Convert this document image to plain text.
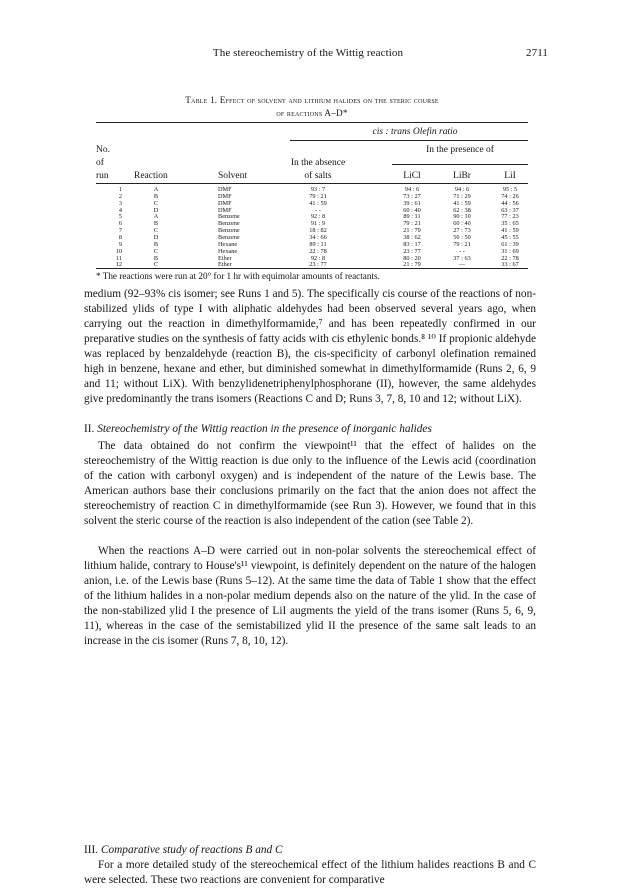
The stereochemistry of the Wittig reaction	2711
Table 1. Effect of solvent and lithium halides on the steric course
of reactions A–D*
cis : trans Olefin ratio
No.
of
run	Reaction	Solvent
In the absence
of salts
In the presence of
LiCl	LiBr	LiI
1	A	DMF	93 : 7	94 : 6	94 : 6	95 : 5
2	B	DMF	79 : 21	73 : 27	71 : 29	74 : 26
3	C	DMF	41 : 59	39 : 61	41 : 59	44 : 56
4	D	DMF	- -	60 : 40	62 : 38	63 : 37
5	A	Benzene	92 : 8	89 : 11	90 : 10	77 : 23
6	B	Benzene	91 : 9	79 : 21	60 : 40	35 : 65
7	C	Benzene	18 : 82	21 : 79	27 : 73	41 : 59
8	D	Benzene	34 : 66	38 : 62	50 : 50	45 : 55
9	B	Hexane	89 : 11	83 : 17	79 : 21	61 : 39
10	C	Hexane	22 : 78	23 : 77	- -	31 : 69
11	B	Ether	92 : 8	80 : 20	37 : 63	22 : 78
12	C	Ether	23 : 77	21 : 79	—	33 : 67
* The reactions were run at 20° for 1 hr with equimolar amounts of reactants.

medium (92–93% cis isomer; see Runs 1 and 5). The specifically cis course of the reactions of non-stabilized ylids of type I with aliphatic aldehydes had been observed several years ago, when carrying out the reaction in dimethylformamide,⁷ and has been repeatedly confirmed in our preparative studies on the synthesis of fatty acids with cis ethylenic bonds.⁸ ¹⁰ If propionic aldehyde was replaced by benzaldehyde (reaction B), the cis-specificity of carbonyl olefination remained high in benzene, hexane and ether, but diminished somewhat in dimethylformamide (Runs 2, 6, 9 and 11; without LiX). With benzylidenetriphenylphosphorane (II), however, the same aldehydes give predominantly the trans isomers (Reactions C and D; Runs 3, 7, 8, 10 and 12; without LiX).

II. Stereochemistry of the Wittig reaction in the presence of inorganic halides

The data obtained do not confirm the viewpoint¹¹ that the effect of halides on the stereochemistry of the Wittig reaction is due only to the influence of the Lewis acid (coordination of the cation with carbonyl oxygen) and is independent of the nature of the Lewis base. The American authors base their conclusions primarily on the fact that the anion does not affect the stereochemistry of reaction C in dimethylformamide (see Run 3). However, we found that in this solvent the steric course of the reaction is also independent of the cation (see Table 2).

When the reactions A–D were carried out in non-polar solvents the stereochemical effect of lithium halide, contrary to House's¹¹ viewpoint, is definitely dependent on the nature of the halogen anion, i.e. of the Lewis base (Runs 5–12). At the same time the data of Table 1 show that the effect of the lithium halides in a non-polar medium depends also on the nature of the ylid. In the case of the non-stabilized ylid I the presence of LiI augments the yield of the trans isomer (Runs 5, 6, 9, 11), whereas in the case of the semistabilized ylid II the presence of the same salt leads to an increase in the cis isomer (Runs 7, 8, 10, 12).

III. Comparative study of reactions B and C

For a more detailed study of the stereochemical effect of the lithium halides reactions B and C were selected. These two reactions are convenient for comparative
